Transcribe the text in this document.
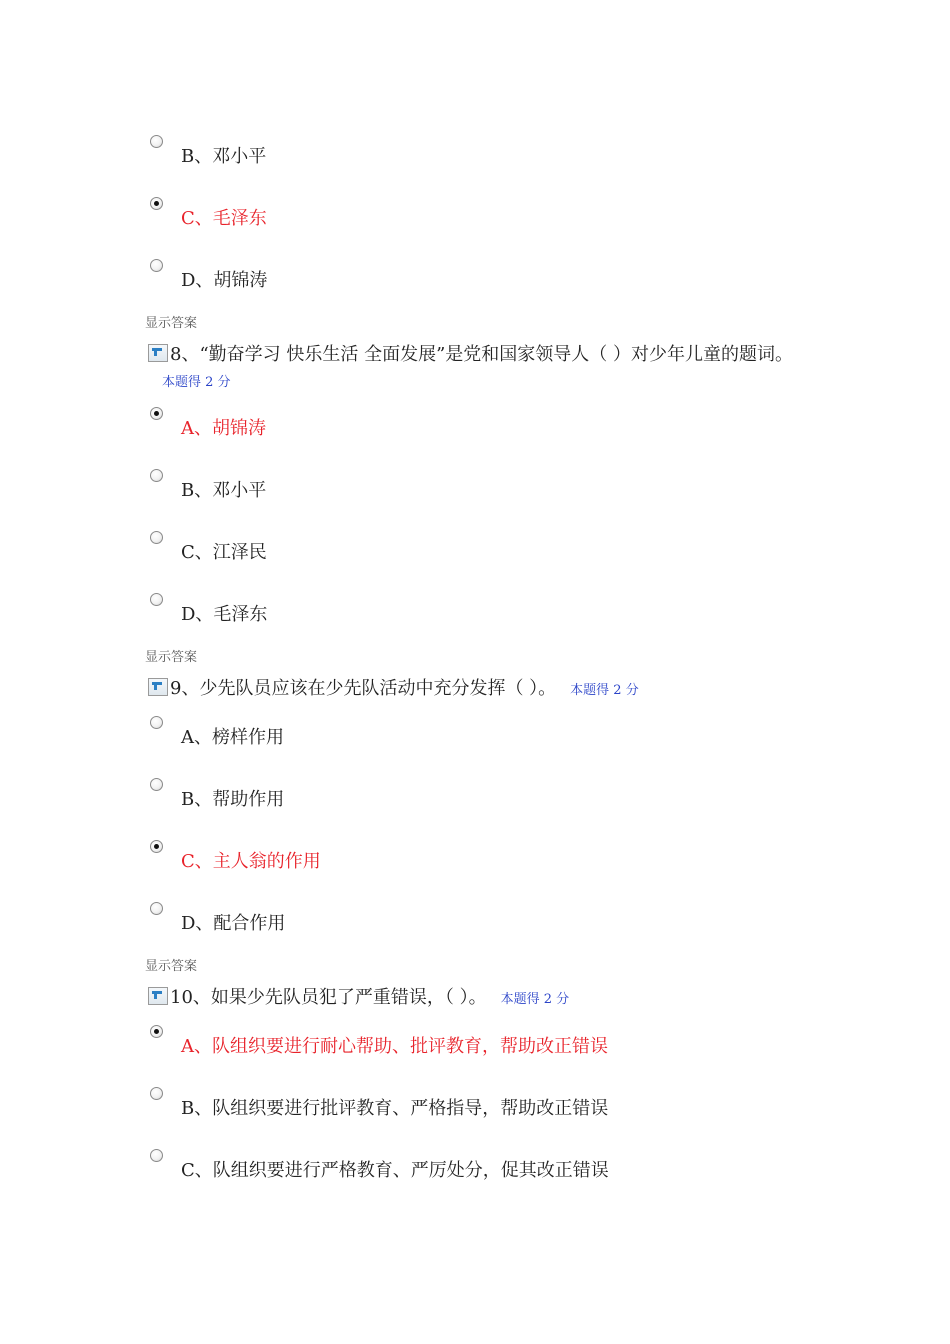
B、邓小平
C、毛泽东
D、胡锦涛
显示答案
8、“勤奋学习 快乐生活 全面发展”是党和国家领导人（ ）对少年儿童的题词。本题得 2 分
A、胡锦涛
B、邓小平
C、江泽民
D、毛泽东
显示答案
9、少先队员应该在少先队活动中充分发挥（ ）。 本题得 2 分
A、榜样作用
B、帮助作用
C、主人翁的作用
D、配合作用
显示答案
10、如果少先队员犯了严重错误，（ ）。 本题得 2 分
A、队组织要进行耐心帮助、批评教育，帮助改正错误
B、队组织要进行批评教育、严格指导，帮助改正错误
C、队组织要进行严格教育、严厉处分，促其改正错误
